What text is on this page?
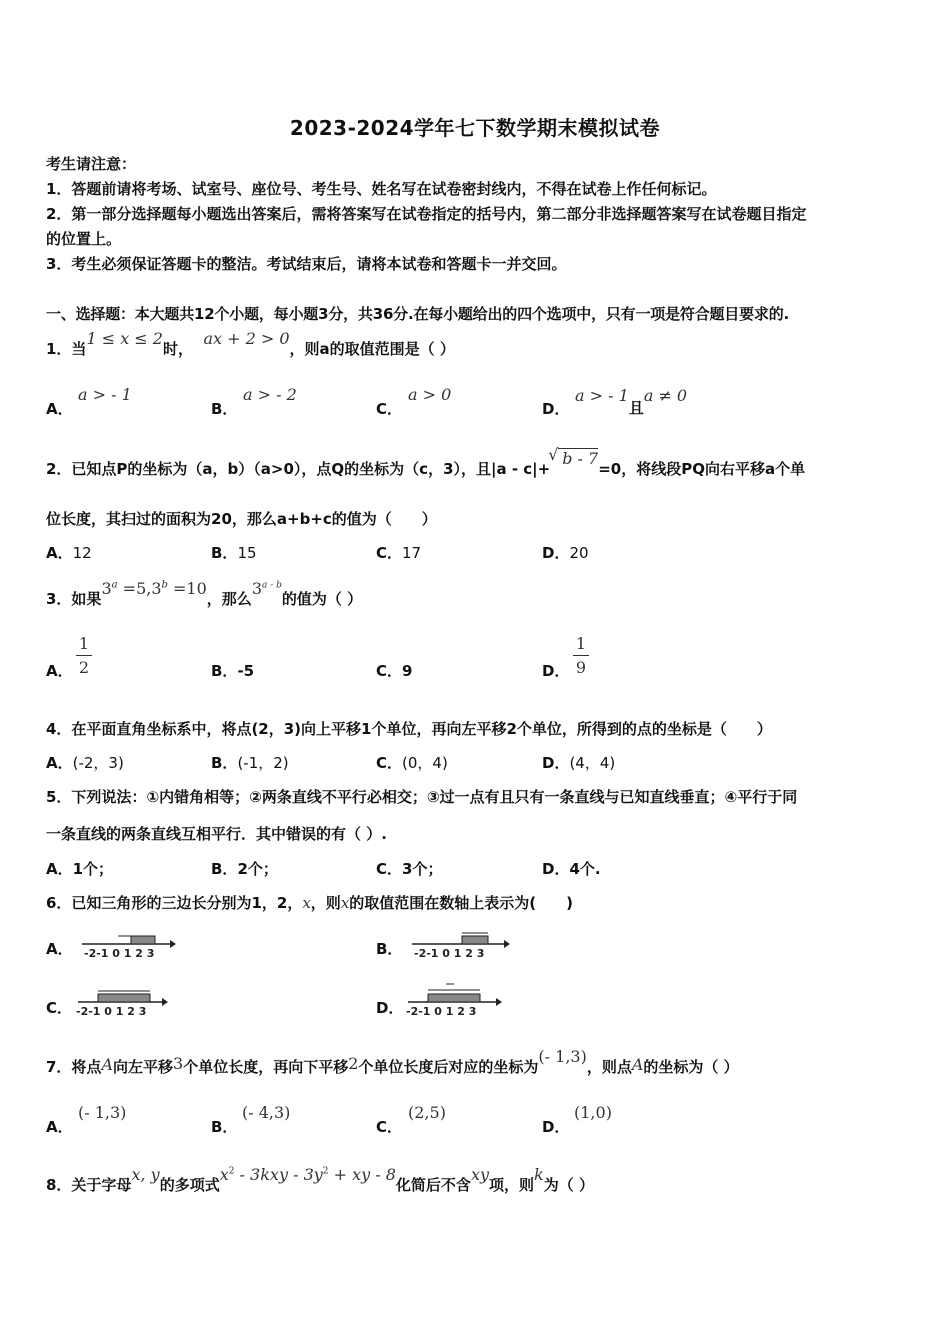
2023-2024学年七下数学期末模拟试卷
考生请注意：
1．答题前请将考场、试室号、座位号、考生号、姓名写在试卷密封线内，不得在试卷上作任何标记。
2．第一部分选择题每小题选出答案后，需将答案写在试卷指定的括号内，第二部分非选择题答案写在试卷题目指定
的位置上。
3．考生必须保证答题卡的整洁。考试结束后，请将本试卷和答题卡一并交回。
一、选择题：本大题共12个小题，每小题3分，共36分.在每小题给出的四个选项中，只有一项是符合题目要求的.
1．当1 ≤ x ≤ 2时，  ax + 2 > 0，则a的取值范围是（ ）
A．
a > - 1
B．
a > - 2
C．
a > 0
D．
a > - 1且a ≠ 0
2．已知点P的坐标为（a，b）（a>0），点Q的坐标为（c，3），且|a - c|+
√ b - 7=0，将线段PQ向右平移a个单
位长度，其扫过的面积为20，那么a+b+c的值为（　　）
A．12	B．15	C．17	D．20
3．如果$3^a =5,3^b =10$，那么3$^{a - b}$的值为（ ）
A．
1
2	B．-5	C．9	D．
1
9
4．在平面直角坐标系中，将点(2，3)向上平移1个单位，再向左平移2个单位，所得到的点的坐标是（　　）
A．(-2，3)	B．(-1，2)	C．(0，4)	D．(4，4)
5．下列说法：①内错角相等；②两条直线不平行必相交；③过一点有且只有一条直线与已知直线垂直；④平行于同
一条直线的两条直线互相平行．其中错误的有（ ）.
A．1个；	B．2个；	C．3个；	D．4个.
6．已知三角形的三边长分别为1，2，x，则x的取值范围在数轴上表示为(　　)
A． -2-1 0 1 2 3	B． -2-1 0 1 2 3
C． -2-1 0 1 2 3	D． -2-1 0 1 2 3
7．将点A向左平移3个单位长度，再向下平移2个单位长度后对应的坐标为(- 1,3)，则点A的坐标为（ ）
A．
(- 1,3)
B．
(- 4,3)
C．
(2,5)
D．
(1,0)
8．关于字母x, y的多项式$x^2 - 3kxy - 3y^2$ + xy - 8化简后不含xy项，则k为（ ）
